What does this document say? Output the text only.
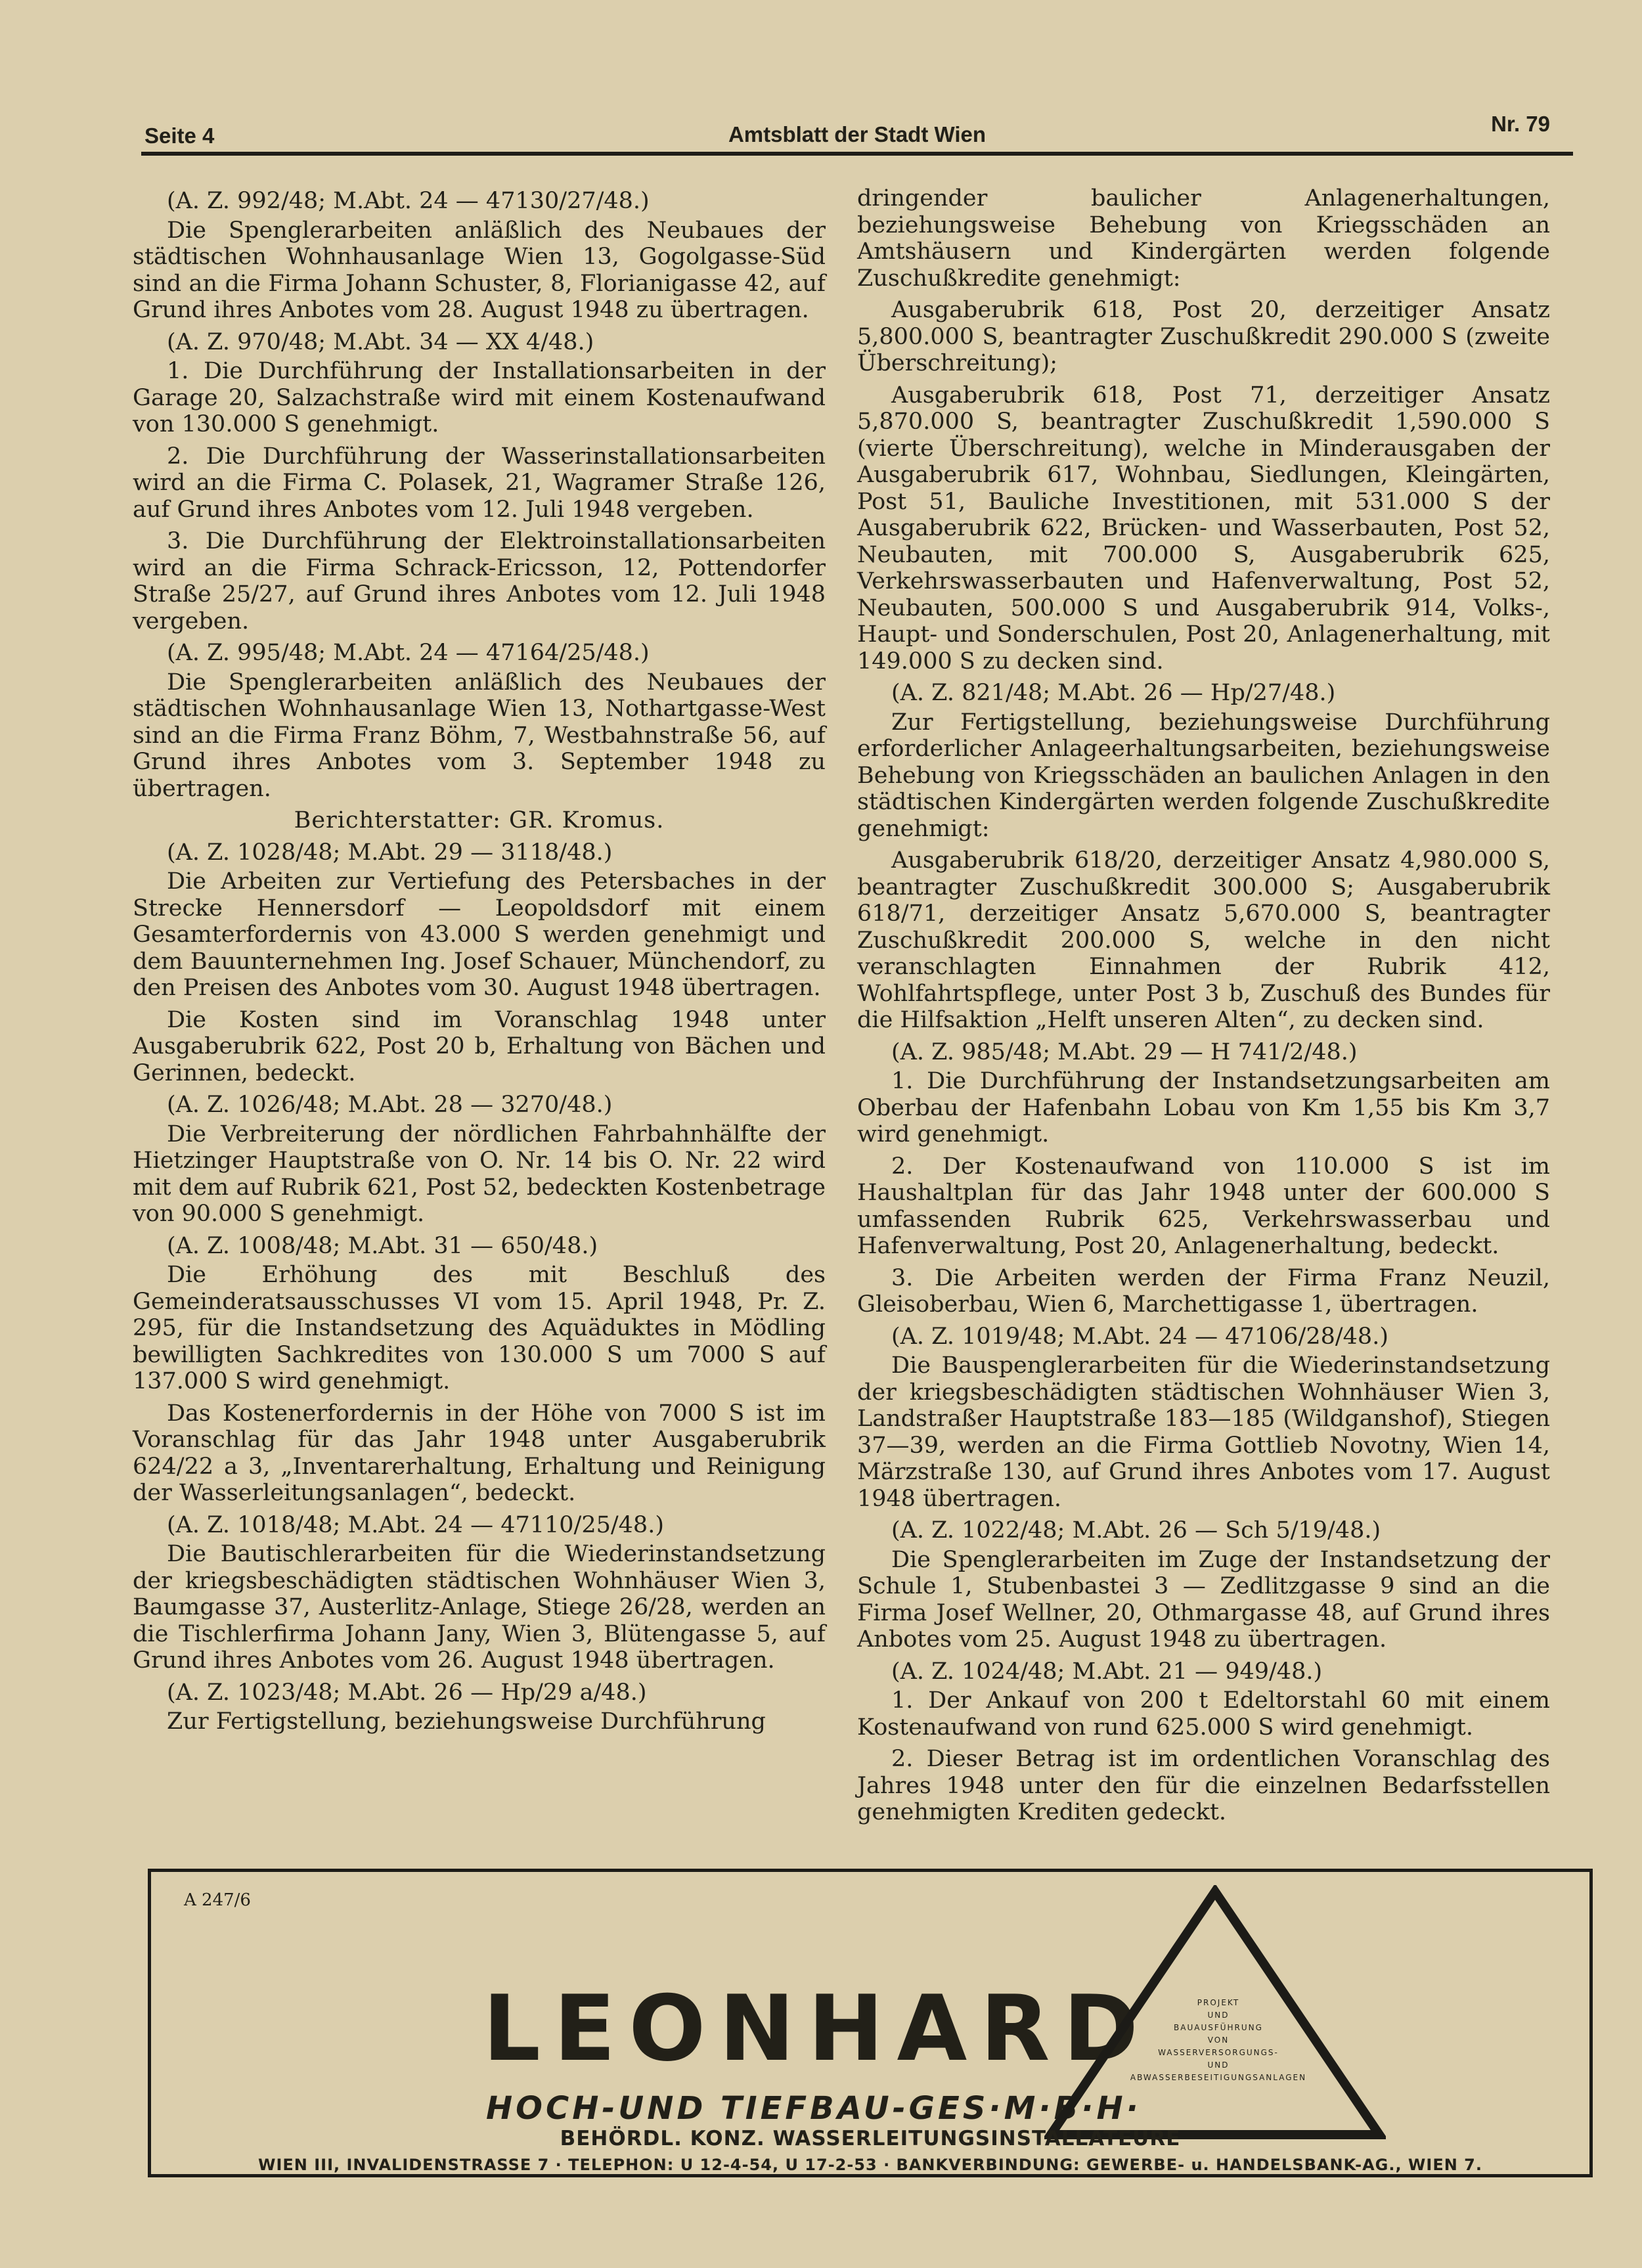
Seite 4	Amtsblatt der Stadt Wien	Nr. 79

(A. Z. 992/48; M.Abt. 24 — 47130/27/48.)

Die Spenglerarbeiten anläßlich des Neubaues der städtischen Wohnhausanlage Wien 13, Gogolgasse-Süd sind an die Firma Johann Schuster, 8, Florianigasse 42, auf Grund ihres Anbotes vom 28. August 1948 zu übertragen.

(A. Z. 970/48; M.Abt. 34 — XX 4/48.)

1. Die Durchführung der Installationsarbeiten in der Garage 20, Salzachstraße wird mit einem Kostenaufwand von 130.000 S genehmigt.

2. Die Durchführung der Wasserinstallationsarbeiten wird an die Firma C. Polasek, 21, Wagramer Straße 126, auf Grund ihres Anbotes vom 12. Juli 1948 vergeben.

3. Die Durchführung der Elektroinstallationsarbeiten wird an die Firma Schrack-Ericsson, 12, Pottendorfer Straße 25/27, auf Grund ihres Anbotes vom 12. Juli 1948 vergeben.

(A. Z. 995/48; M.Abt. 24 — 47164/25/48.)

Die Spenglerarbeiten anläßlich des Neubaues der städtischen Wohnhausanlage Wien 13, Nothartgasse-West sind an die Firma Franz Böhm, 7, Westbahnstraße 56, auf Grund ihres Anbotes vom 3. September 1948 zu übertragen.

Berichterstatter: GR. Kromus.

(A. Z. 1028/48; M.Abt. 29 — 3118/48.)

Die Arbeiten zur Vertiefung des Petersbaches in der Strecke Hennersdorf — Leopoldsdorf mit einem Gesamterfordernis von 43.000 S werden genehmigt und dem Bauunternehmen Ing. Josef Schauer, Münchendorf, zu den Preisen des Anbotes vom 30. August 1948 übertragen.

Die Kosten sind im Voranschlag 1948 unter Ausgaberubrik 622, Post 20 b, Erhaltung von Bächen und Gerinnen, bedeckt.

(A. Z. 1026/48; M.Abt. 28 — 3270/48.)

Die Verbreiterung der nördlichen Fahrbahnhälfte der Hietzinger Hauptstraße von O. Nr. 14 bis O. Nr. 22 wird mit dem auf Rubrik 621, Post 52, bedeckten Kostenbetrage von 90.000 S genehmigt.

(A. Z. 1008/48; M.Abt. 31 — 650/48.)

Die Erhöhung des mit Beschluß des Gemeinderatsausschusses VI vom 15. April 1948, Pr. Z. 295, für die Instandsetzung des Aquäduktes in Mödling bewilligten Sachkredites von 130.000 S um 7000 S auf 137.000 S wird genehmigt.

Das Kostenerfordernis in der Höhe von 7000 S ist im Voranschlag für das Jahr 1948 unter Ausgaberubrik 624/22 a 3, „Inventarerhaltung, Erhaltung und Reinigung der Wasserleitungsanlagen“, bedeckt.

(A. Z. 1018/48; M.Abt. 24 — 47110/25/48.)

Die Bautischlerarbeiten für die Wiederinstandsetzung der kriegsbeschädigten städtischen Wohnhäuser Wien 3, Baumgasse 37, Austerlitz-Anlage, Stiege 26/28, werden an die Tischlerfirma Johann Jany, Wien 3, Blütengasse 5, auf Grund ihres Anbotes vom 26. August 1948 übertragen.

(A. Z. 1023/48; M.Abt. 26 — Hp/29 a/48.)

Zur Fertigstellung, beziehungsweise Durchführung

dringender baulicher Anlagenerhaltungen, beziehungsweise Behebung von Kriegsschäden an Amtshäusern und Kindergärten werden folgende Zuschußkredite genehmigt:

Ausgaberubrik 618, Post 20, derzeitiger Ansatz 5,800.000 S, beantragter Zuschußkredit 290.000 S (zweite Überschreitung);

Ausgaberubrik 618, Post 71, derzeitiger Ansatz 5,870.000 S, beantragter Zuschußkredit 1,590.000 S (vierte Überschreitung), welche in Minderausgaben der Ausgaberubrik 617, Wohnbau, Siedlungen, Kleingärten, Post 51, Bauliche Investitionen, mit 531.000 S der Ausgaberubrik 622, Brücken- und Wasserbauten, Post 52, Neubauten, mit 700.000 S, Ausgaberubrik 625, Verkehrswasserbauten und Hafenverwaltung, Post 52, Neubauten, 500.000 S und Ausgaberubrik 914, Volks-, Haupt- und Sonderschulen, Post 20, Anlagenerhaltung, mit 149.000 S zu decken sind.

(A. Z. 821/48; M.Abt. 26 — Hp/27/48.)

Zur Fertigstellung, beziehungsweise Durchführung erforderlicher Anlageerhaltungsarbeiten, beziehungsweise Behebung von Kriegsschäden an baulichen Anlagen in den städtischen Kindergärten werden folgende Zuschußkredite genehmigt:

Ausgaberubrik 618/20, derzeitiger Ansatz 4,980.000 S, beantragter Zuschußkredit 300.000 S; Ausgaberubrik 618/71, derzeitiger Ansatz 5,670.000 S, beantragter Zuschußkredit 200.000 S, welche in den nicht veranschlagten Einnahmen der Rubrik 412, Wohlfahrtspflege, unter Post 3 b, Zuschuß des Bundes für die Hilfsaktion „Helft unseren Alten“, zu decken sind.

(A. Z. 985/48; M.Abt. 29 — H 741/2/48.)

1. Die Durchführung der Instandsetzungsarbeiten am Oberbau der Hafenbahn Lobau von Km 1,55 bis Km 3,7 wird genehmigt.

2. Der Kostenaufwand von 110.000 S ist im Haushaltplan für das Jahr 1948 unter der 600.000 S umfassenden Rubrik 625, Verkehrswasserbau und Hafenverwaltung, Post 20, Anlagenerhaltung, bedeckt.

3. Die Arbeiten werden der Firma Franz Neuzil, Gleisoberbau, Wien 6, Marchettigasse 1, übertragen.

(A. Z. 1019/48; M.Abt. 24 — 47106/28/48.)

Die Bauspenglerarbeiten für die Wiederinstandsetzung der kriegsbeschädigten städtischen Wohnhäuser Wien 3, Landstraßer Hauptstraße 183—185 (Wildganshof), Stiegen 37—39, werden an die Firma Gottlieb Novotny, Wien 14, Märzstraße 130, auf Grund ihres Anbotes vom 17. August 1948 übertragen.

(A. Z. 1022/48; M.Abt. 26 — Sch 5/19/48.)

Die Spenglerarbeiten im Zuge der Instandsetzung der Schule 1, Stubenbastei 3 — Zedlitzgasse 9 sind an die Firma Josef Wellner, 20, Othmargasse 48, auf Grund ihres Anbotes vom 25. August 1948 zu übertragen.

(A. Z. 1024/48; M.Abt. 21 — 949/48.)

1. Der Ankauf von 200 t Edeltorstahl 60 mit einem Kostenaufwand von rund 625.000 S wird genehmigt.

2. Dieser Betrag ist im ordentlichen Voranschlag des Jahres 1948 unter den für die einzelnen Bedarfsstellen genehmigten Krediten gedeckt.

A 247/6
LEONHARD
HOCH-UND TIEFBAU-GES·M·B·H·
PROJEKT
UND
BAUAUSFÜHRUNG
VON
WASSERVERSORGUNGS-
UND
ABWASSERBESEITIGUNGSANLAGEN
BEHÖRDL. KONZ. WASSERLEITUNGSINSTALLATEURE
WIEN III, INVALIDENSTRASSE 7 · TELEPHON: U 12-4-54, U 17-2-53 · BANKVERBINDUNG: GEWERBE- u. HANDELSBANK-AG., WIEN 7.
